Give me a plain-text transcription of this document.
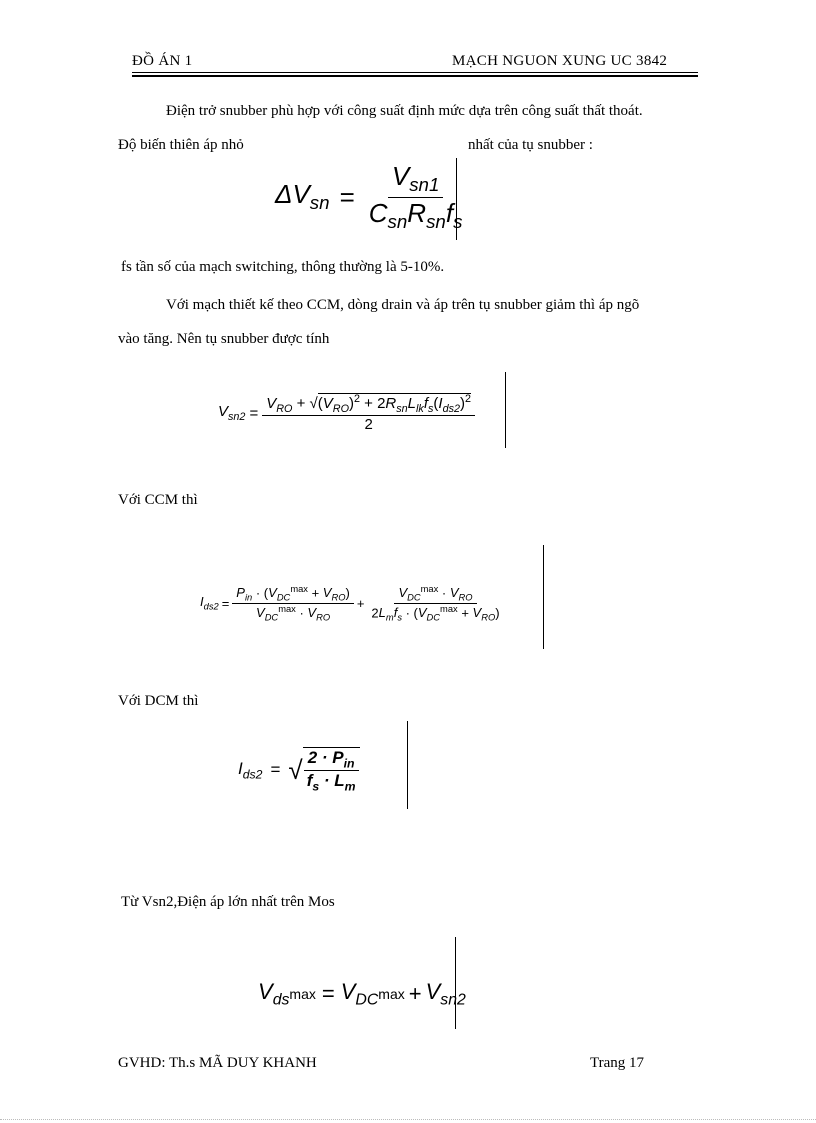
ĐỒ ÁN 1	MẠCH NGUON XUNG UC 3842
Điện trở snubber phù hợp với công suất định mức dựa trên công suất thất thoát.
Độ biến thiên áp nhỏ	nhất của tụ snubber :
$\Delta V_{sn} = \frac{V_{sn1}}{C_{sn}R_{sn}f_s}$
fs tần số của mạch switching, thông thường là 5-10%.
Với mạch thiết kế theo CCM, dòng drain và áp trên tụ snubber giảm thì áp ngõ
vào tăng. Nên tụ snubber được tính
$V_{sn2} = \frac{V_{RO} + √(V_{RO})^2 + 2R_{sn}L_{lk}f_s(I_{ds2})^2}{2}$
Với CCM thì
$I_{ds2} = \frac{P_{in} \cdot (V_{DC}^{max} + V_{RO})}{V_{DC}^{max} \cdot V_{RO}} + \frac{V_{DC}^{max} \cdot V_{RO}}{2L_mf_s \cdot (V_{DC}^{max} + V_{RO})}$
Với DCM thì
$I_{ds2}$ = √ $\frac{2 \cdot P_{in}}{f_s \cdot L_m}$
Từ Vsn2,Điện áp lớn nhất trên Mos
$V_{ds}$ $\max = V_{DC}$ $\max + V_{sn2}$
GVHD: Th.s MÃ DUY KHANH	Trang 17
